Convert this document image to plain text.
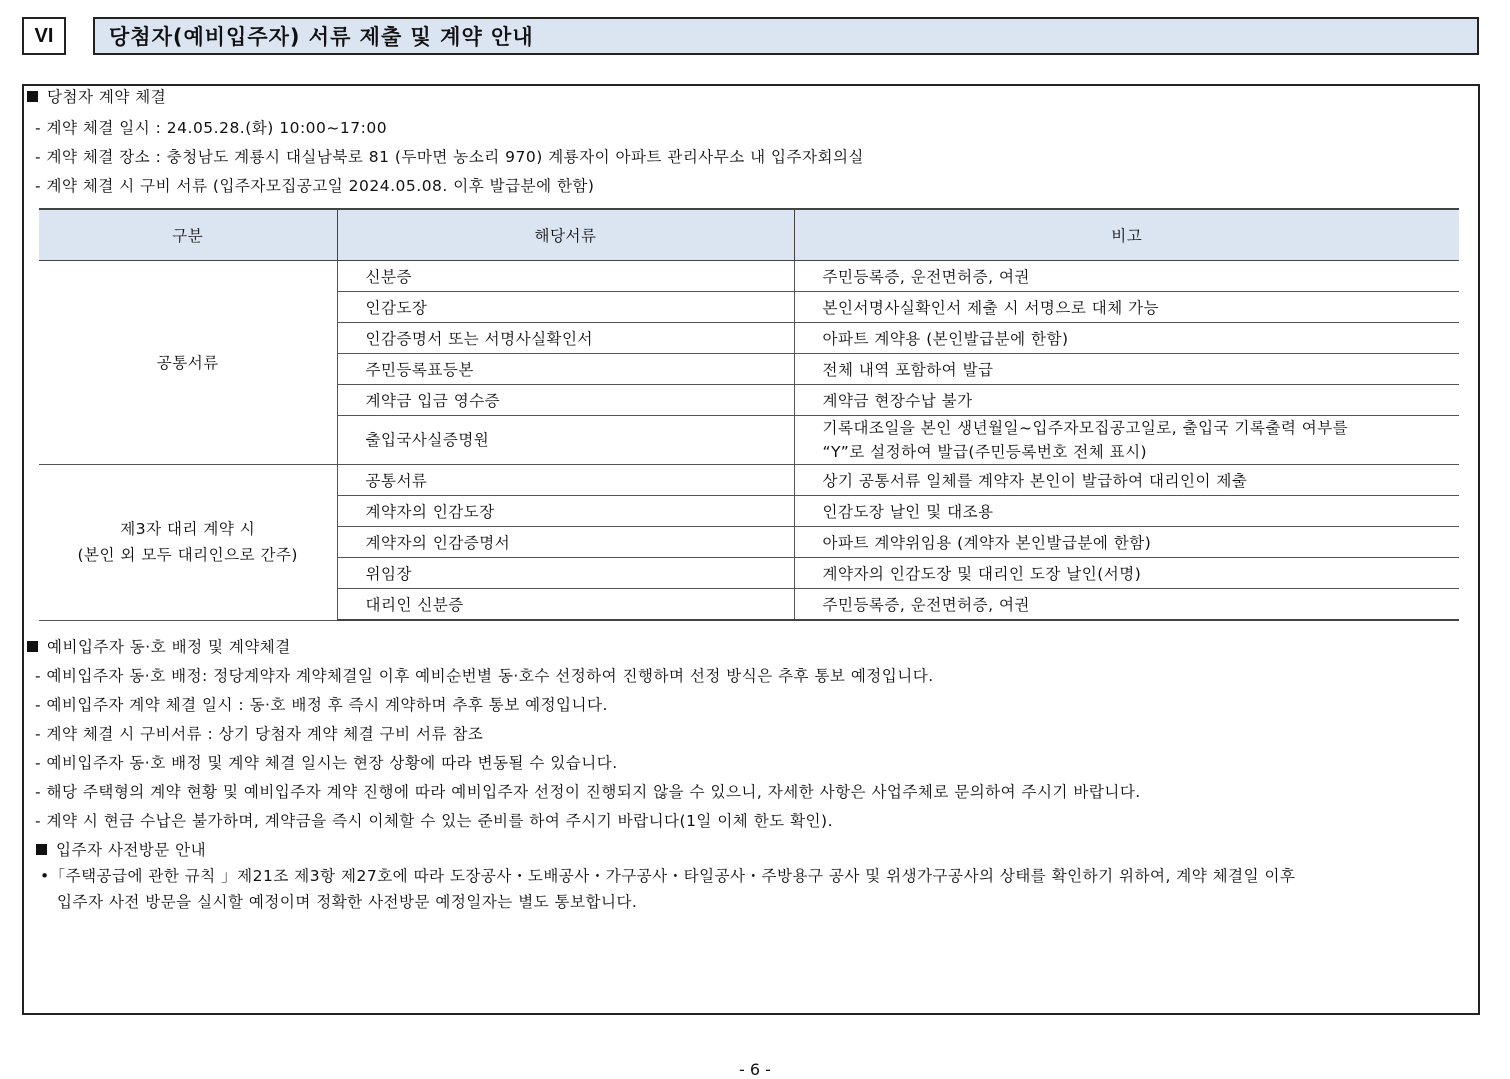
VI	당첨자(예비입주자) 서류 제출 및 계약 안내
당첨자 계약 체결
- 계약 체결 일시 : 24.05.28.(화) 10:00~17:00
- 계약 체결 장소 : 충청남도 계룡시 대실남북로 81 (두마면 농소리 970) 계룡자이 아파트 관리사무소 내 입주자회의실
- 계약 체결 시 구비 서류 (입주자모집공고일 2024.05.08. 이후 발급분에 한함)
구분	해당서류	비고
공통서류	신분증	주민등록증, 운전면허증, 여권
	인감도장	본인서명사실확인서 제출 시 서명으로 대체 가능
	인감증명서 또는 서명사실확인서	아파트 계약용 (본인발급분에 한함)
	주민등록표등본	전체 내역 포함하여 발급
	계약금 입금 영수증	계약금 현장수납 불가
	출입국사실증명원	기록대조일을 본인 생년월일~입주자모집공고일로, 출입국 기록출력 여부를
“Y”로 설정하여 발급(주민등록번호 전체 표시)

제3자 대리 계약 시
(본인 외 모두 대리인으로 간주)	공통서류	상기 공통서류 일체를 계약자 본인이 발급하여 대리인이 제출
	계약자의 인감도장	인감도장 날인 및 대조용
	계약자의 인감증명서	아파트 계약위임용 (계약자 본인발급분에 한함)
	위임장	계약자의 인감도장 및 대리인 도장 날인(서명)
	대리인 신분증	주민등록증, 운전면허증, 여권
예비입주자 동·호 배정 및 계약체결
- 예비입주자 동·호 배정: 정당계약자 계약체결일 이후 예비순번별 동·호수 선정하여 진행하며 선정 방식은 추후 통보 예정입니다.
- 예비입주자 계약 체결 일시 : 동·호 배정 후 즉시 계약하며 추후 통보 예정입니다.
- 계약 체결 시 구비서류 : 상기 당첨자 계약 체결 구비 서류 참조
- 예비입주자 동·호 배정 및 계약 체결 일시는 현장 상황에 따라 변동될 수 있습니다.
- 해당 주택형의 계약 현황 및 예비입주자 계약 진행에 따라 예비입주자 선정이 진행되지 않을 수 있으니, 자세한 사항은 사업주체로 문의하여 주시기 바랍니다.
- 계약 시 현금 수납은 불가하며, 계약금을 즉시 이체할 수 있는 준비를 하여 주시기 바랍니다(1일 이체 한도 확인).
입주자 사전방문 안내
•「주택공급에 관한 규칙 」제21조 제3항 제27호에 따라 도장공사・도배공사・가구공사・타일공사・주방용구 공사 및 위생가구공사의 상태를 확인하기 위하여, 계약 체결일 이후
입주자 사전 방문을 실시할 예정이며 정확한 사전방문 예정일자는 별도 통보합니다.
- 6 -
